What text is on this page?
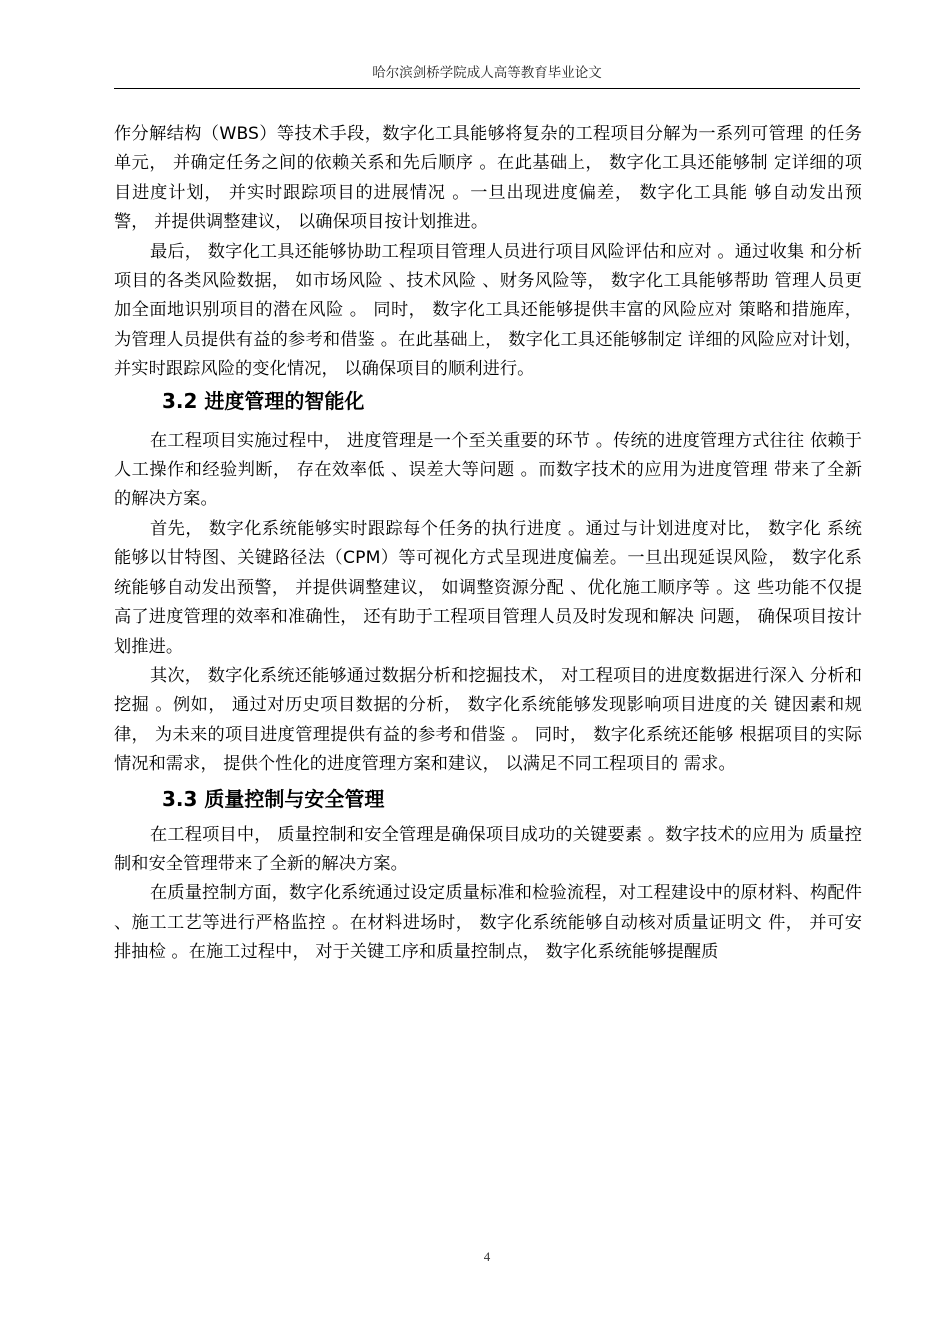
哈尔滨剑桥学院成人高等教育毕业论文

作分解结构（WBS）等技术手段，数字化工具能够将复杂的工程项目分解为一系列可管理 的任务单元， 并确定任务之间的依赖关系和先后顺序 。在此基础上， 数字化工具还能够制 定详细的项目进度计划， 并实时跟踪项目的进展情况 。一旦出现进度偏差， 数字化工具能 够自动发出预警， 并提供调整建议， 以确保项目按计划推进。

最后， 数字化工具还能够协助工程项目管理人员进行项目风险评估和应对 。通过收集 和分析项目的各类风险数据， 如市场风险 、技术风险 、财务风险等， 数字化工具能够帮助 管理人员更加全面地识别项目的潜在风险 。 同时， 数字化工具还能够提供丰富的风险应对 策略和措施库， 为管理人员提供有益的参考和借鉴 。在此基础上， 数字化工具还能够制定 详细的风险应对计划， 并实时跟踪风险的变化情况， 以确保项目的顺利进行。

3.2 进度管理的智能化

在工程项目实施过程中， 进度管理是一个至关重要的环节 。传统的进度管理方式往往 依赖于人工操作和经验判断， 存在效率低 、误差大等问题 。而数字技术的应用为进度管理 带来了全新的解决方案。

首先， 数字化系统能够实时跟踪每个任务的执行进度 。通过与计划进度对比， 数字化 系统能够以甘特图、关键路径法（CPM）等可视化方式呈现进度偏差。一旦出现延误风险， 数字化系统能够自动发出预警， 并提供调整建议， 如调整资源分配 、优化施工顺序等 。这 些功能不仅提高了进度管理的效率和准确性， 还有助于工程项目管理人员及时发现和解决 问题， 确保项目按计划推进。

其次， 数字化系统还能够通过数据分析和挖掘技术， 对工程项目的进度数据进行深入 分析和挖掘 。例如， 通过对历史项目数据的分析， 数字化系统能够发现影响项目进度的关 键因素和规律， 为未来的项目进度管理提供有益的参考和借鉴 。 同时， 数字化系统还能够 根据项目的实际情况和需求， 提供个性化的进度管理方案和建议， 以满足不同工程项目的 需求。

3.3 质量控制与安全管理

在工程项目中， 质量控制和安全管理是确保项目成功的关键要素 。数字技术的应用为 质量控制和安全管理带来了全新的解决方案。

在质量控制方面，数字化系统通过设定质量标准和检验流程，对工程建设中的原材料、构配件 、施工工艺等进行严格监控 。在材料进场时， 数字化系统能够自动核对质量证明文 件， 并可安排抽检 。在施工过程中， 对于关键工序和质量控制点， 数字化系统能够提醒质

4
